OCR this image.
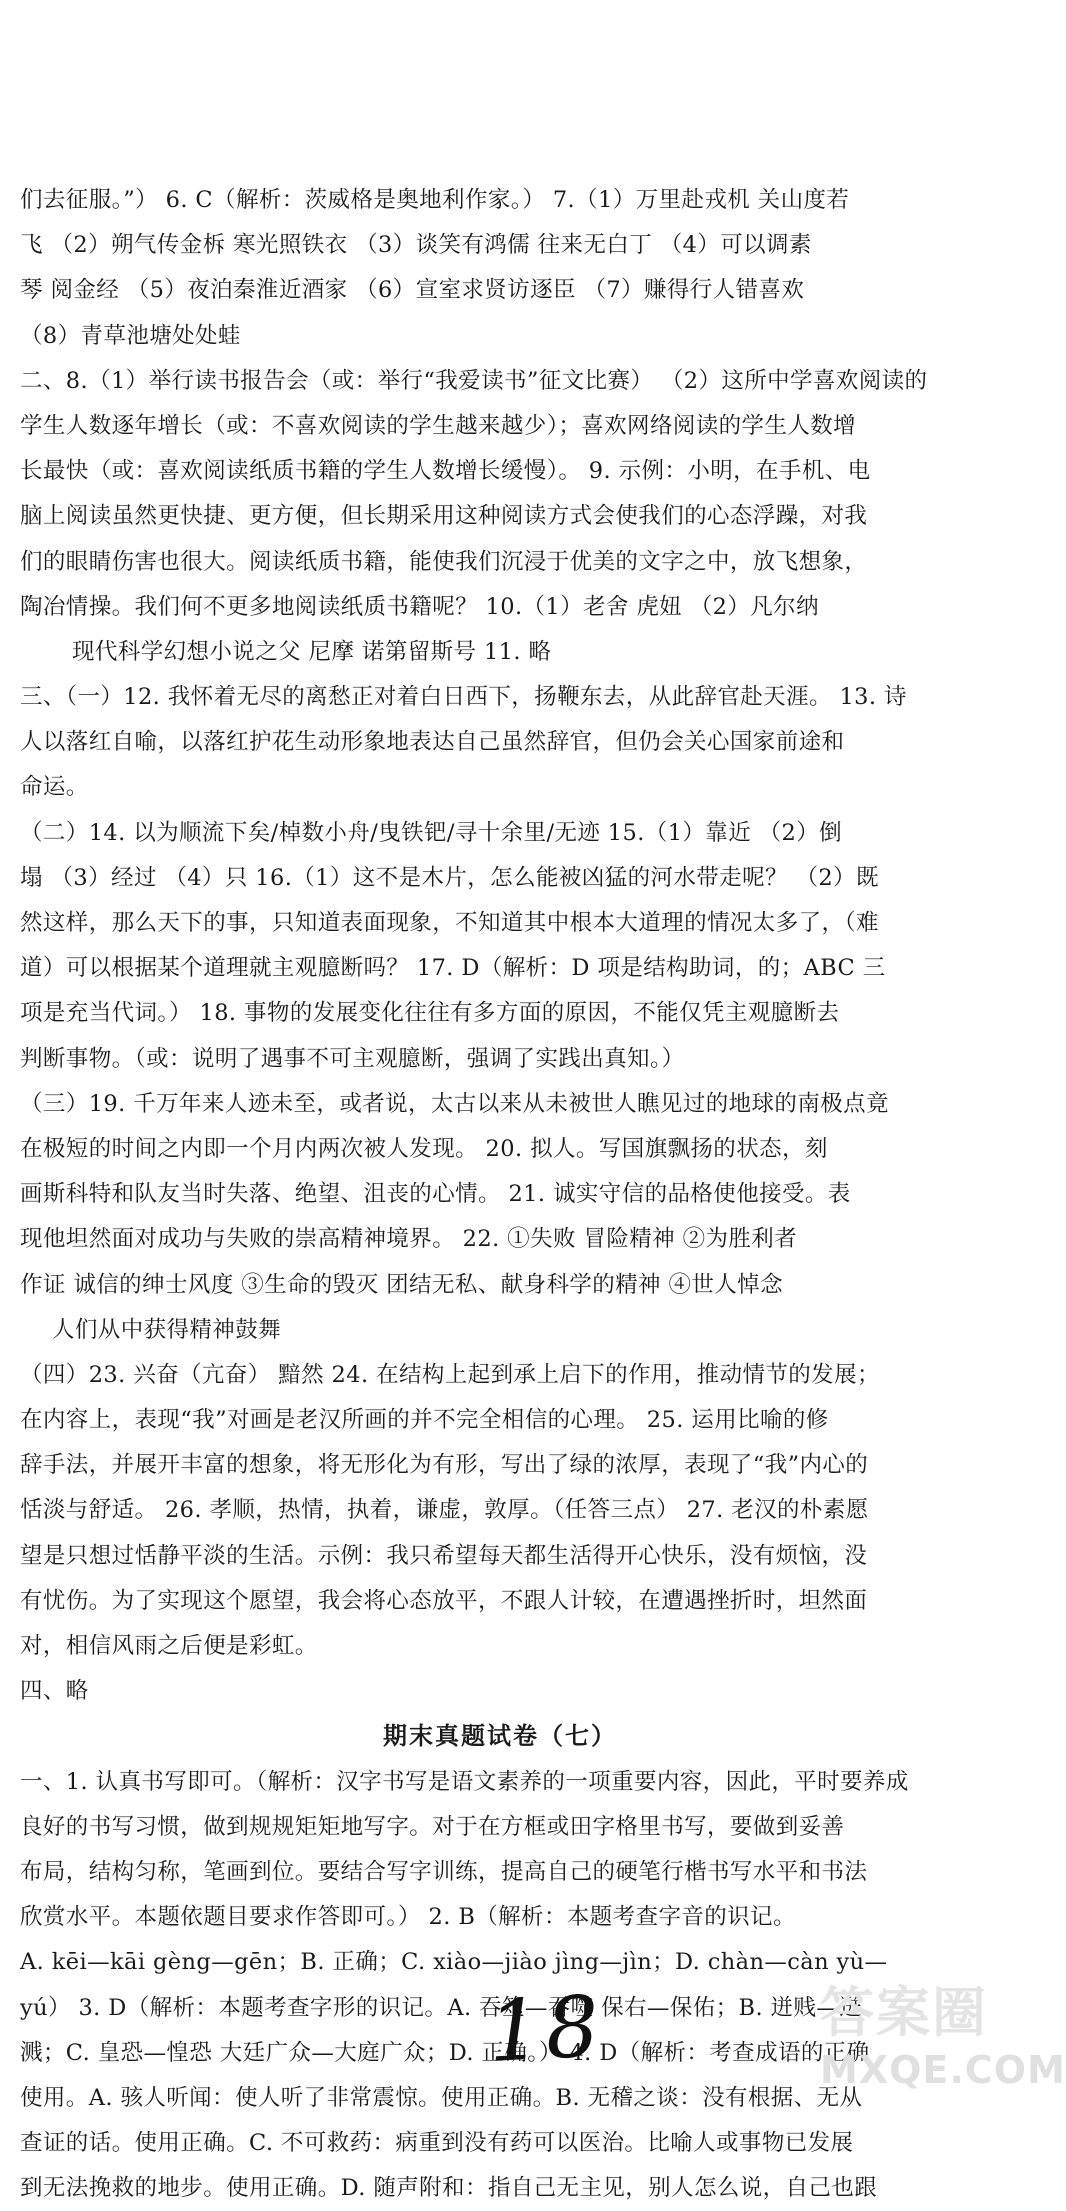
们去征服。”） 6. C（解析：茨威格是奥地利作家。） 7.（1）万里赴戎机 关山度若
飞 （2）朔气传金柝 寒光照铁衣 （3）谈笑有鸿儒 往来无白丁 （4）可以调素
琴 阅金经 （5）夜泊秦淮近酒家 （6）宣室求贤访逐臣 （7）赚得行人错喜欢
（8）青草池塘处处蛙
二、8.（1）举行读书报告会（或：举行“我爱读书”征文比赛） （2）这所中学喜欢阅读的
学生人数逐年增长（或：不喜欢阅读的学生越来越少）；喜欢网络阅读的学生人数增
长最快（或：喜欢阅读纸质书籍的学生人数增长缓慢）。 9. 示例：小明，在手机、电
脑上阅读虽然更快捷、更方便，但长期采用这种阅读方式会使我们的心态浮躁，对我
们的眼睛伤害也很大。阅读纸质书籍，能使我们沉浸于优美的文字之中，放飞想象，
陶冶情操。我们何不更多地阅读纸质书籍呢？ 10.（1）老舍 虎妞 （2）凡尔纳
现代科学幻想小说之父 尼摩 诺第留斯号 11. 略
三、（一）12. 我怀着无尽的离愁正对着白日西下，扬鞭东去，从此辞官赴天涯。 13. 诗
人以落红自喻，以落红护花生动形象地表达自己虽然辞官，但仍会关心国家前途和
命运。
（二）14. 以为顺流下矣/棹数小舟/曳铁钯/寻十余里/无迹 15.（1）靠近 （2）倒
塌 （3）经过 （4）只 16.（1）这不是木片，怎么能被凶猛的河水带走呢？ （2）既
然这样，那么天下的事，只知道表面现象，不知道其中根本大道理的情况太多了，（难
道）可以根据某个道理就主观臆断吗？ 17. D（解析：D 项是结构助词，的；ABC 三
项是充当代词。） 18. 事物的发展变化往往有多方面的原因，不能仅凭主观臆断去
判断事物。（或：说明了遇事不可主观臆断，强调了实践出真知。）
（三）19. 千万年来人迹未至，或者说，太古以来从未被世人瞧见过的地球的南极点竟
在极短的时间之内即一个月内两次被人发现。 20. 拟人。写国旗飘扬的状态，刻
画斯科特和队友当时失落、绝望、沮丧的心情。 21. 诚实守信的品格使他接受。表
现他坦然面对成功与失败的崇高精神境界。 22. ①失败 冒险精神 ②为胜利者
作证 诚信的绅士风度 ③生命的毁灭 团结无私、献身科学的精神 ④世人悼念
人们从中获得精神鼓舞
（四）23. 兴奋（亢奋） 黯然 24. 在结构上起到承上启下的作用，推动情节的发展；
在内容上，表现“我”对画是老汉所画的并不完全相信的心理。 25. 运用比喻的修
辞手法，并展开丰富的想象，将无形化为有形，写出了绿的浓厚，表现了“我”内心的
恬淡与舒适。 26. 孝顺，热情，执着，谦虚，敦厚。（任答三点） 27. 老汉的朴素愿
望是只想过恬静平淡的生活。示例：我只希望每天都生活得开心快乐，没有烦恼，没
有忧伤。为了实现这个愿望，我会将心态放平，不跟人计较，在遭遇挫折时，坦然面
对，相信风雨之后便是彩虹。
四、略
期末真题试卷（七）
一、1. 认真书写即可。（解析：汉字书写是语文素养的一项重要内容，因此，平时要养成
良好的书写习惯，做到规规矩矩地写字。对于在方框或田字格里书写，要做到妥善
布局，结构匀称，笔画到位。要结合写字训练，提高自己的硬笔行楷书写水平和书法
欣赏水平。本题依题目要求作答即可。） 2. B（解析：本题考查字音的识记。
A. kēi—kāi gèng—gēn；B. 正确；C. xiào—jiào jìng—jìn；D. chàn—càn yù—
yú） 3. D（解析：本题考查字形的识记。A. 吞筮—吞噬 保右—保佑；B. 迸贱—迸
溅；C. 皇恐—惶恐 大廷广众—大庭广众；D. 正确。） 4. D（解析：考查成语的正确
使用。A. 骇人听闻：使人听了非常震惊。使用正确。B. 无稽之谈：没有根据、无从
查证的话。使用正确。C. 不可救药：病重到没有药可以医治。比喻人或事物已发展
到无法挽救的地步。使用正确。D. 随声附和：指自己无主见，别人怎么说，自己也跟
18	答案圈
MXQE.COM
